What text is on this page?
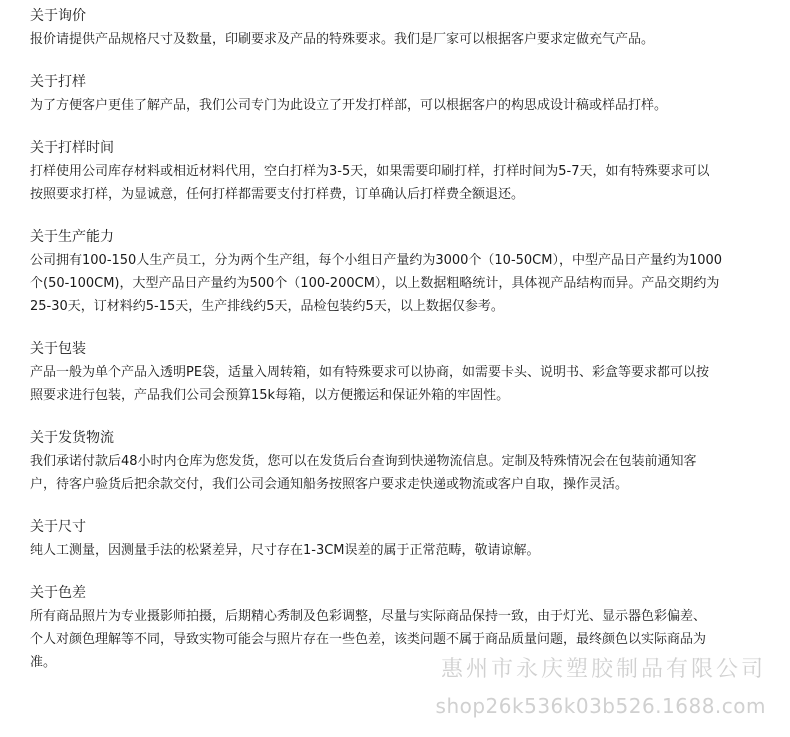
关于询价

报价请提供产品规格尺寸及数量，印刷要求及产品的特殊要求。我们是厂家可以根据客户要求定做充气产品。

关于打样

为了方便客户更佳了解产品，我们公司专门为此设立了开发打样部，可以根据客户的构思成设计稿或样品打样。

关于打样时间

打样使用公司库存材料或相近材料代用，空白打样为3-5天，如果需要印刷打样，打样时间为5-7天，如有特殊要求可以

按照要求打样，为显诚意，任何打样都需要支付打样费，订单确认后打样费全额退还。

关于生产能力

公司拥有100-150人生产员工，分为两个生产组，每个小组日产量约为3000个（10-50CM），中型产品日产量约为1000

个(50-100CM)，大型产品日产量约为500个（100-200CM），以上数据粗略统计，具体视产品结构而异。产品交期约为

25-30天，订材料约5-15天，生产排线约5天，品检包装约5天，以上数据仅参考。

关于包装

产品一般为单个产品入透明PE袋，适量入周转箱，如有特殊要求可以协商，如需要卡头、说明书、彩盒等要求都可以按

照要求进行包装，产品我们公司会预算15k每箱，以方便搬运和保证外箱的牢固性。

关于发货物流

我们承诺付款后48小时内仓库为您发货，您可以在发货后台查询到快递物流信息。定制及特殊情况会在包装前通知客

户，待客户验货后把余款交付，我们公司会通知船务按照客户要求走快递或物流或客户自取，操作灵活。

关于尺寸

纯人工测量，因测量手法的松紧差异，尺寸存在1-3CM误差的属于正常范畴，敬请谅解。

关于色差

所有商品照片为专业摄影师拍摄，后期精心秀制及色彩调整，尽量与实际商品保持一致，由于灯光、显示器色彩偏差、

个人对颜色理解等不同，导致实物可能会与照片存在一些色差，该类问题不属于商品质量问题，最终颜色以实际商品为

准。	惠州市永庆塑胶制品有限公司
shop26k536k03b526.1688.com
